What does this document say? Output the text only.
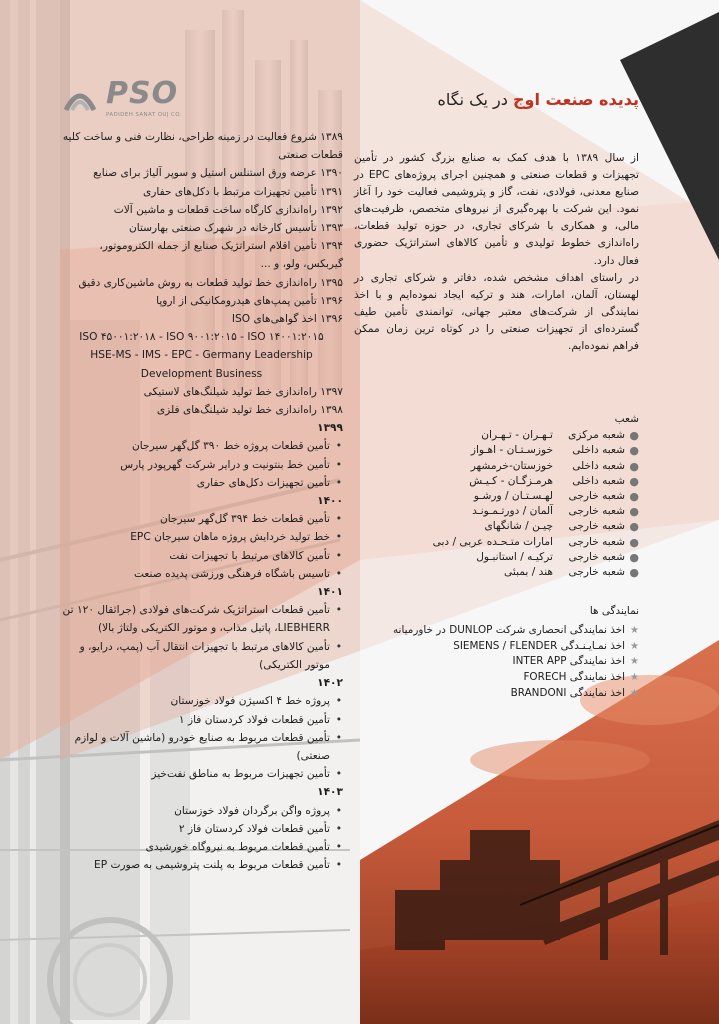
PSO
PADIDEH SANAT OUJ CO.
پدیده صنعت اوج در یک نگاه

از سال ۱۳۸۹ با هدف کمک به صنایع بزرگ کشور در تأمین تجهیزات و قطعات صنعتی و همچنین اجرای پروژه‌های EPC در صنایع معدنی، فولادی، نفت، گاز و پتروشیمی فعالیت خود را آغاز نمود. این شرکت با بهره‌گیری از نیروهای متخصص، ظرفیت‌های مالی، و همکاری با شرکای تجاری، در حوزه تولید قطعات، راه‌اندازی خطوط تولیدی و تأمین کالاهای استراتژیک حضوری فعال دارد.

در راستای اهداف مشخص شده، دفاتر و شرکای تجاری در لهستان، آلمان، امارات، هند و ترکیه ایجاد نموده‌ایم و با اخذ نمایندگی از شرکت‌های معتبر جهانی، توانمندی تأمین طیف گسترده‌ای از تجهیزات صنعتی را در کوتاه ترین زمان ممکن فراهم نموده‌ایم.

۱۳۸۹ شروع فعالیت در زمینه طراحی، نظارت فنی و ساخت کلیه قطعات صنعتی
۱۳۹۰ عرضه ورق استنلس استیل و سوپر آلیاژ برای صنایع
۱۳۹۱ تأمین تجهیزات مرتبط با دکل‌های حفاری
۱۳۹۲ راه‌اندازی کارگاه ساخت قطعات و ماشین آلات
۱۳۹۳ تأسیس کارخانه در شهرک صنعتی بهارستان
۱۳۹۴ تأمین اقلام استراتژیک صنایع از جمله الکتروموتور، گیربکس، ولو، و ...
۱۳۹۵ راه‌اندازی خط تولید قطعات به روش ماشین‌کاری دقیق
۱۳۹۶ تأمین پمپ‌های هیدرومکانیکی از اروپا
۱۳۹۶ اخذ گواهی‌های ISO
ISO ۴۵۰۰۱:۲۰۱۸ - ISO ۹۰۰۱:۲۰۱۵ - ISO ۱۴۰۰۱:۲۰۱۵
HSE-MS - IMS - EPC - Germany Leadership Development Business
۱۳۹۷ راه‌اندازی خط تولید شیلنگ‌های لاستیکی
۱۳۹۸ راه‌اندازی خط تولید شیلنگ‌های فلزی
۱۳۹۹
• تأمین قطعات پروژه خط ۳۹۰ گل‌گهر سیرجان
• تأمین خط بنتونیت و درایر شرکت گهرپودر پارس
• تأمین تجهیزات دکل‌های حفاری
۱۴۰۰
• تأمین قطعات خط ۳۹۴ گل‌گهر سیرجان
• خط تولید خردایش پروژه ماهان سیرجان EPC
• تأمین کالاهای مرتبط با تجهیزات نفت
• تاسیس باشگاه فرهنگی ورزشی پدیده صنعت
۱۴۰۱
• تأمین قطعات استراتژیک شرکت‌های فولادی (جراثقال ۱۲۰ تن LIEBHERR، پاتیل مذاب، و موتور الکتریکی ولتاژ بالا)
• تأمین کالاهای مرتبط با تجهیزات انتقال آب (پمپ، درایو، و موتور الکتریکی)
۱۴۰۲
• پروژه خط ۴ اکسیژن فولاد خوزستان
• تأمین قطعات فولاد کردستان فاز ۱
• تأمین قطعات مربوط به صنایع خودرو (ماشین آلات و لوازم صنعتی)
• تأمین تجهیزات مربوط به مناطق نفت‌خیز
۱۴۰۳
• پروژه واگن برگردان فولاد خوزستان
• تأمین قطعات فولاد کردستان فاز ۲
• تأمین قطعات مربوط به نیروگاه خورشیدی
• تأمین قطعات مربوط به پلنت پتروشیمی به صورت EP
شعب
●
شعبه مرکزی
تـهـران - تـهـران
●
شعبه داخلی
خوزسـتـان - اهـواز
●
شعبه داخلی
خوزستان-خرمشهر
●
شعبه داخلی
هرمـزگـان - کـیـش
●
شعبه خارجی
لهـسـتـان / ورشـو
●
شعبه خارجی
آلمان / دورتـمـونـد
●
شعبه خارجی
چیـن / شانگهای
●
شعبه خارجی
امارات متـحـده عربی / دبی
●
شعبه خارجی
ترکیـه / استانبـول
●
شعبه خارجی
هند / بمبئی
نمایندگی ها
★
اخذ نمایندگی انحصاری شرکت DUNLOP در خاورمیانه
★
اخذ نمـایـنـدگی SIEMENS / FLENDER
★
اخذ نمایندگی INTER APP
★
اخذ نمایندگی FORECH
★
اخذ نمایندگی BRANDONI
